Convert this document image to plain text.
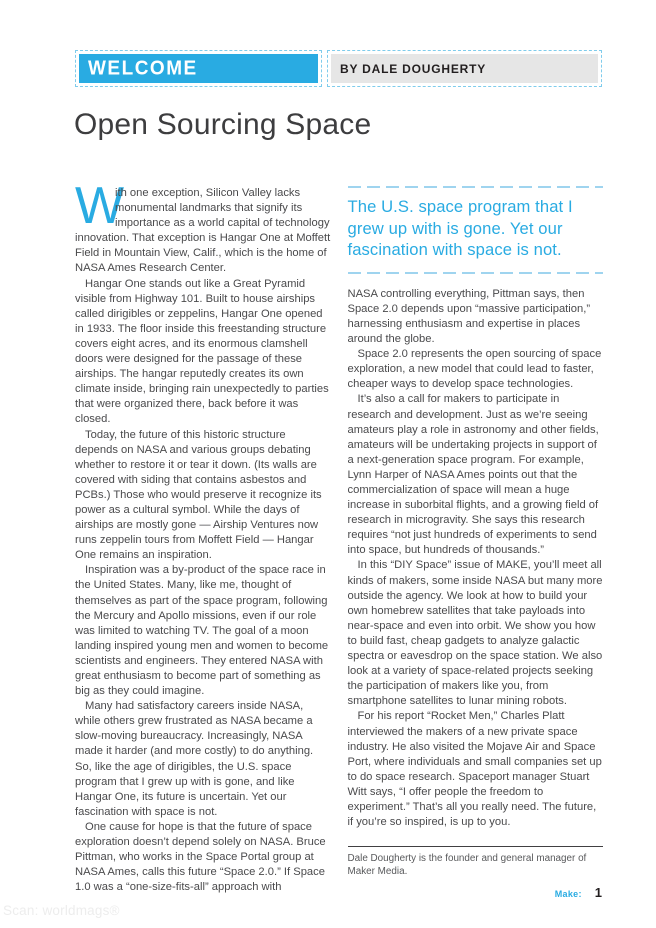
WELCOME	BY DALE DOUGHERTY
Open Sourcing Space

W
ith one exception, Silicon Valley lacks monumental landmarks that signify its importance as a world capital of technology innovation. That exception is Hangar One at Moffett Field in Mountain View, Calif., which is the home of NASA Ames Research Center.

Hangar One stands out like a Great Pyramid visible from Highway 101. Built to house airships called dirigibles or zeppelins, Hangar One opened in 1933. The floor inside this freestanding structure covers eight acres, and its enormous clamshell doors were designed for the passage of these airships. The hangar reputedly creates its own climate inside, bringing rain unexpectedly to parties that were organized there, back before it was closed.

Today, the future of this historic structure depends on NASA and various groups debating whether to restore it or tear it down. (Its walls are covered with siding that contains asbestos and PCBs.) Those who would preserve it recognize its power as a cultural symbol. While the days of airships are mostly gone — Airship Ventures now runs zeppelin tours from Moffett Field — Hangar One remains an inspiration.

Inspiration was a by-product of the space race in the United States. Many, like me, thought of themselves as part of the space program, following the Mercury and Apollo missions, even if our role was limited to watching TV. The goal of a moon landing inspired young men and women to become scientists and engineers. They entered NASA with great enthusiasm to become part of something as big as they could imagine.

Many had satisfactory careers inside NASA, while others grew frustrated as NASA became a slow-moving bureaucracy. Increasingly, NASA made it harder (and more costly) to do anything. So, like the age of dirigibles, the U.S. space program that I grew up with is gone, and like Hangar One, its future is uncertain. Yet our fascination with space is not.

One cause for hope is that the future of space exploration doesn’t depend solely on NASA. Bruce Pittman, who works in the Space Portal group at NASA Ames, calls this future “Space 2.0.” If Space 1.0 was a “one-size-fits-all” approach with

The U.S. space program that I grew up with is gone. Yet our fascination with space is not.

NASA controlling everything, Pittman says, then Space 2.0 depends upon “massive participation,” harnessing enthusiasm and expertise in places around the globe.

Space 2.0 represents the open sourcing of space exploration, a new model that could lead to faster, cheaper ways to develop space technologies.

It’s also a call for makers to participate in research and development. Just as we’re seeing amateurs play a role in astronomy and other fields, amateurs will be undertaking projects in support of a next-generation space program. For example, Lynn Harper of NASA Ames points out that the commercialization of space will mean a huge increase in suborbital flights, and a growing field of research in microgravity. She says this research requires “not just hundreds of experiments to send into space, but hundreds of thousands.”

In this “DIY Space” issue of MAKE, you’ll meet all kinds of makers, some inside NASA but many more outside the agency. We look at how to build your own homebrew satellites that take payloads into near-space and even into orbit. We show you how to build fast, cheap gadgets to analyze galactic spectra or eavesdrop on the space station. We also look at a variety of space-related projects seeking the participation of makers like you, from smartphone satellites to lunar mining robots.

For his report “Rocket Men,” Charles Platt interviewed the makers of a new private space industry. He also visited the Mojave Air and Space Port, where individuals and small companies set up to do space research. Spaceport manager Stuart Witt says, “I offer people the freedom to experiment.” That’s all you really need. The future, if you’re so inspired, is up to you.

Dale Dougherty is the founder and general manager of Maker Media.

Make: 1
Scan: worldmags®
